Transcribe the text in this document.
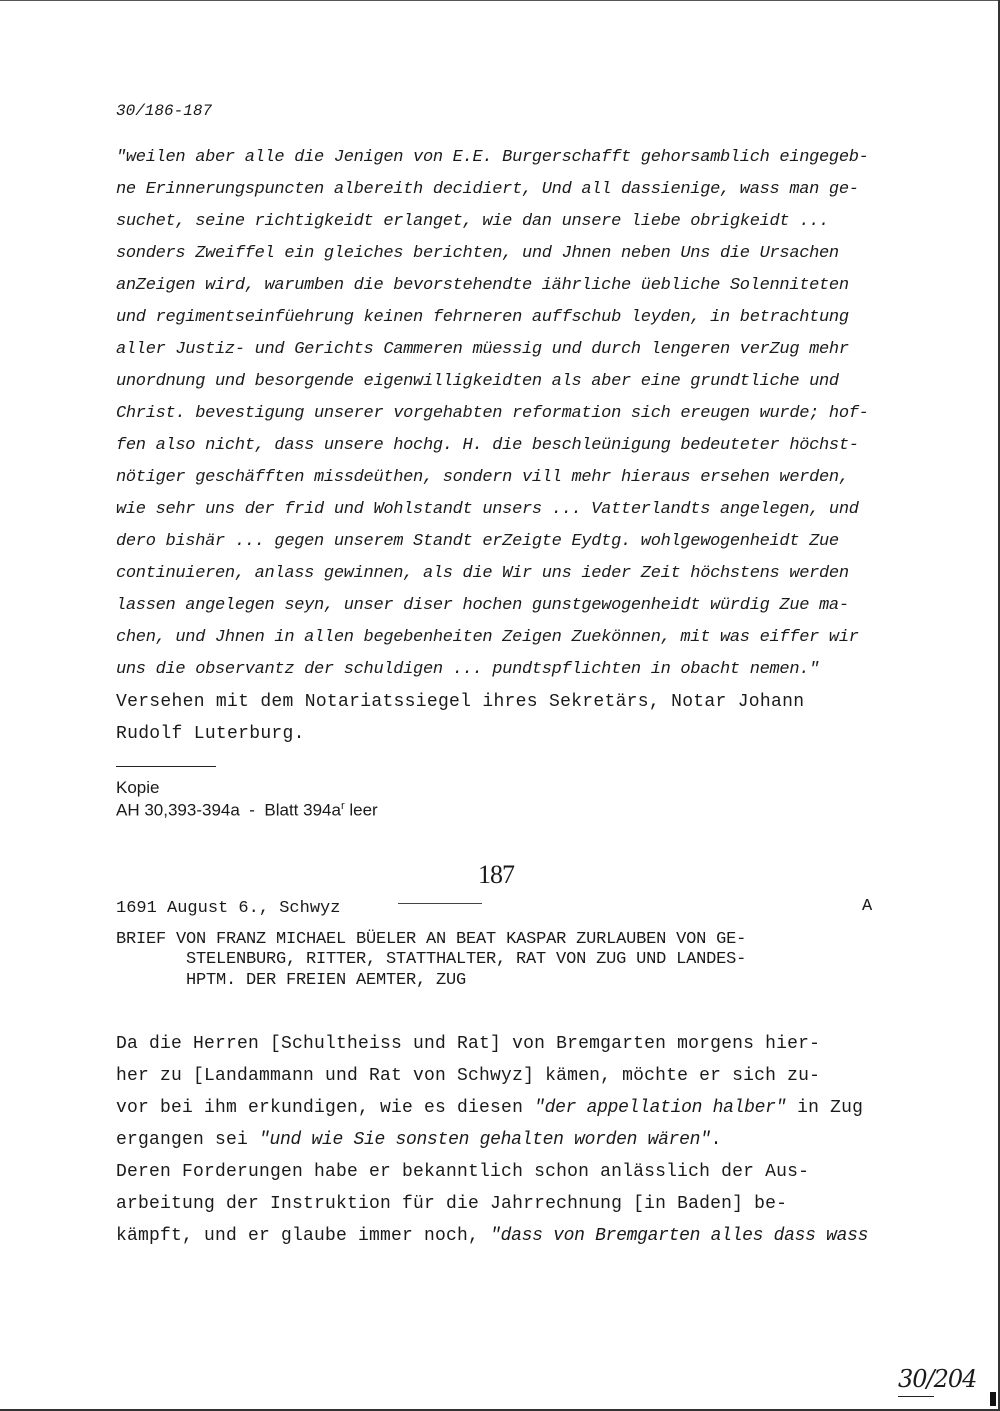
30/186-187
"weilen aber alle die Jenigen von E.E. Burgerschafft gehorsamblich eingegeb-
ne Erinnerungspuncten albereith decidiert, Und all dassienige, wass man ge-
suchet, seine richtigkeidt erlanget, wie dan unsere liebe obrigkeidt ...
sonders Zweiffel ein gleiches berichten, und Jhnen neben Uns die Ursachen
anZeigen wird, warumben die bevorstehendte iährliche üebliche Solenniteten
und regimentseinfüehrung keinen fehrneren auffschub leyden, in betrachtung
aller Justiz- und Gerichts Cammeren müessig und durch lengeren verZug mehr
unordnung und besorgende eigenwilligkeidten als aber eine grundtliche und
Christ. bevestigung unserer vorgehabten reformation sich ereugen wurde; hof-
fen also nicht, dass unsere hochg. H. die beschleünigung bedeuteter höchst-
nötiger geschäfften missdeüthen, sondern vill mehr hieraus ersehen werden,
wie sehr uns der frid und Wohlstandt unsers ... Vatterlandts angelegen, und
dero bishär ... gegen unserem Standt erZeigte Eydtg. wohlgewogenheidt Zue
continuieren, anlass gewinnen, als die Wir uns ieder Zeit höchstens werden
lassen angelegen seyn, unser diser hochen gunstgewogenheidt würdig Zue ma-
chen, und Jhnen in allen begebenheiten Zeigen Zuekönnen, mit was eiffer wir
uns die observantz der schuldigen ... pundtspflichten in obacht nemen."
Versehen mit dem Notariatssiegel ihres Sekretärs, Notar Johann
Rudolf Luterburg.
Kopie
AH 30,393-394a  -  Blatt $394a^r$ leer
187
1691 August 6., Schwyz	A
BRIEF VON FRANZ MICHAEL BÜELER AN BEAT KASPAR ZURLAUBEN VON GE-
STELENBURG, RITTER, STATTHALTER, RAT VON ZUG UND LANDES-
HPTM. DER FREIEN AEMTER, ZUG
Da die Herren [Schultheiss und Rat] von Bremgarten morgens hier-
her zu [Landammann und Rat von Schwyz] kämen, möchte er sich zu-
vor bei ihm erkundigen, wie es diesen "der appellation halber" in Zug
ergangen sei "und wie Sie sonsten gehalten worden wären".
Deren Forderungen habe er bekanntlich schon anlässlich der Aus-
arbeitung der Instruktion für die Jahrrechnung [in Baden] be-
kämpft, und er glaube immer noch, "dass von Bremgarten alles dass wass
30/204
